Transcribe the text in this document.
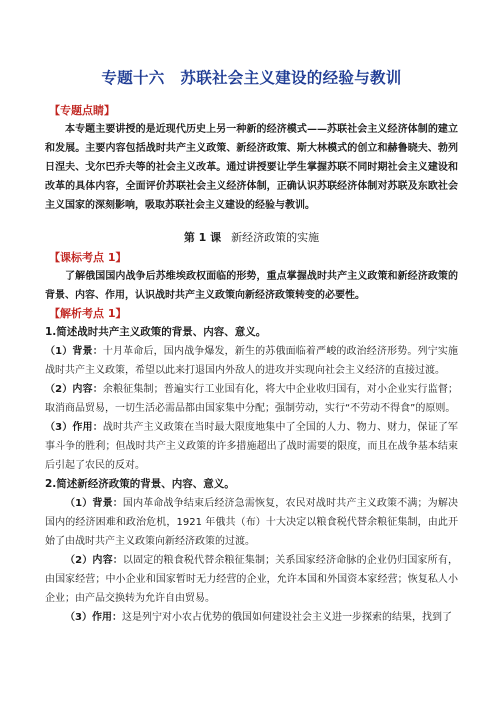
专题十六　苏联社会主义建设的经验与教训
【专题点睛】

本专题主要讲授的是近现代历史上另一种新的经济模式——苏联社会主义经济体制的建立和发展。主要内容包括战时共产主义政策、新经济政策、斯大林模式的创立和赫鲁晓夫、勃列日涅夫、戈尔巴乔夫等的社会主义改革。通过讲授要让学生掌握苏联不同时期社会主义建设和改革的具体内容，全面评价苏联社会主义经济体制，正确认识苏联经济体制对苏联及东欧社会主义国家的深刻影响，吸取苏联社会主义建设的经验与教训。

第 1 课 新经济政策的实施
【课标考点 1】

了解俄国国内战争后苏维埃政权面临的形势，重点掌握战时共产主义政策和新经济政策的背景、内容、作用，认识战时共产主义政策向新经济政策转变的必要性。

【解析考点 1】

1.简述战时共产主义政策的背景、内容、意义。

（1）背景：十月革命后，国内战争爆发，新生的苏俄面临着严峻的政治经济形势。列宁实施战时共产主义政策，希望以此来打退国内外敌人的进攻并实现向社会主义经济的直接过渡。

（2）内容：余粮征集制；普遍实行工业国有化，将大中企业收归国有，对小企业实行监督；取消商品贸易，一切生活必需品都由国家集中分配；强制劳动，实行“不劳动不得食”的原则。

（3）作用：战时共产主义政策在当时最大限度地集中了全国的人力、物力、财力，保证了军事斗争的胜利；但战时共产主义政策的许多措施超出了战时需要的限度，而且在战争基本结束后引起了农民的反对。

2.简述新经济政策的背景、内容、意义。

（1）背景：国内革命战争结束后经济急需恢复，农民对战时共产主义政策不满；为解决国内的经济困难和政治危机，1921 年俄共（布）十大决定以粮食税代替余粮征集制，由此开始了由战时共产主义政策向新经济政策的过渡。

（2）内容：以固定的粮食税代替余粮征集制；关系国家经济命脉的企业仍归国家所有，由国家经营；中小企业和国家暂时无力经营的企业，允许本国和外国资本家经营；恢复私人小企业；由产品交换转为允许自由贸易。

（3）作用：这是列宁对小农占优势的俄国如何建设社会主义进一步探索的结果，找到了
